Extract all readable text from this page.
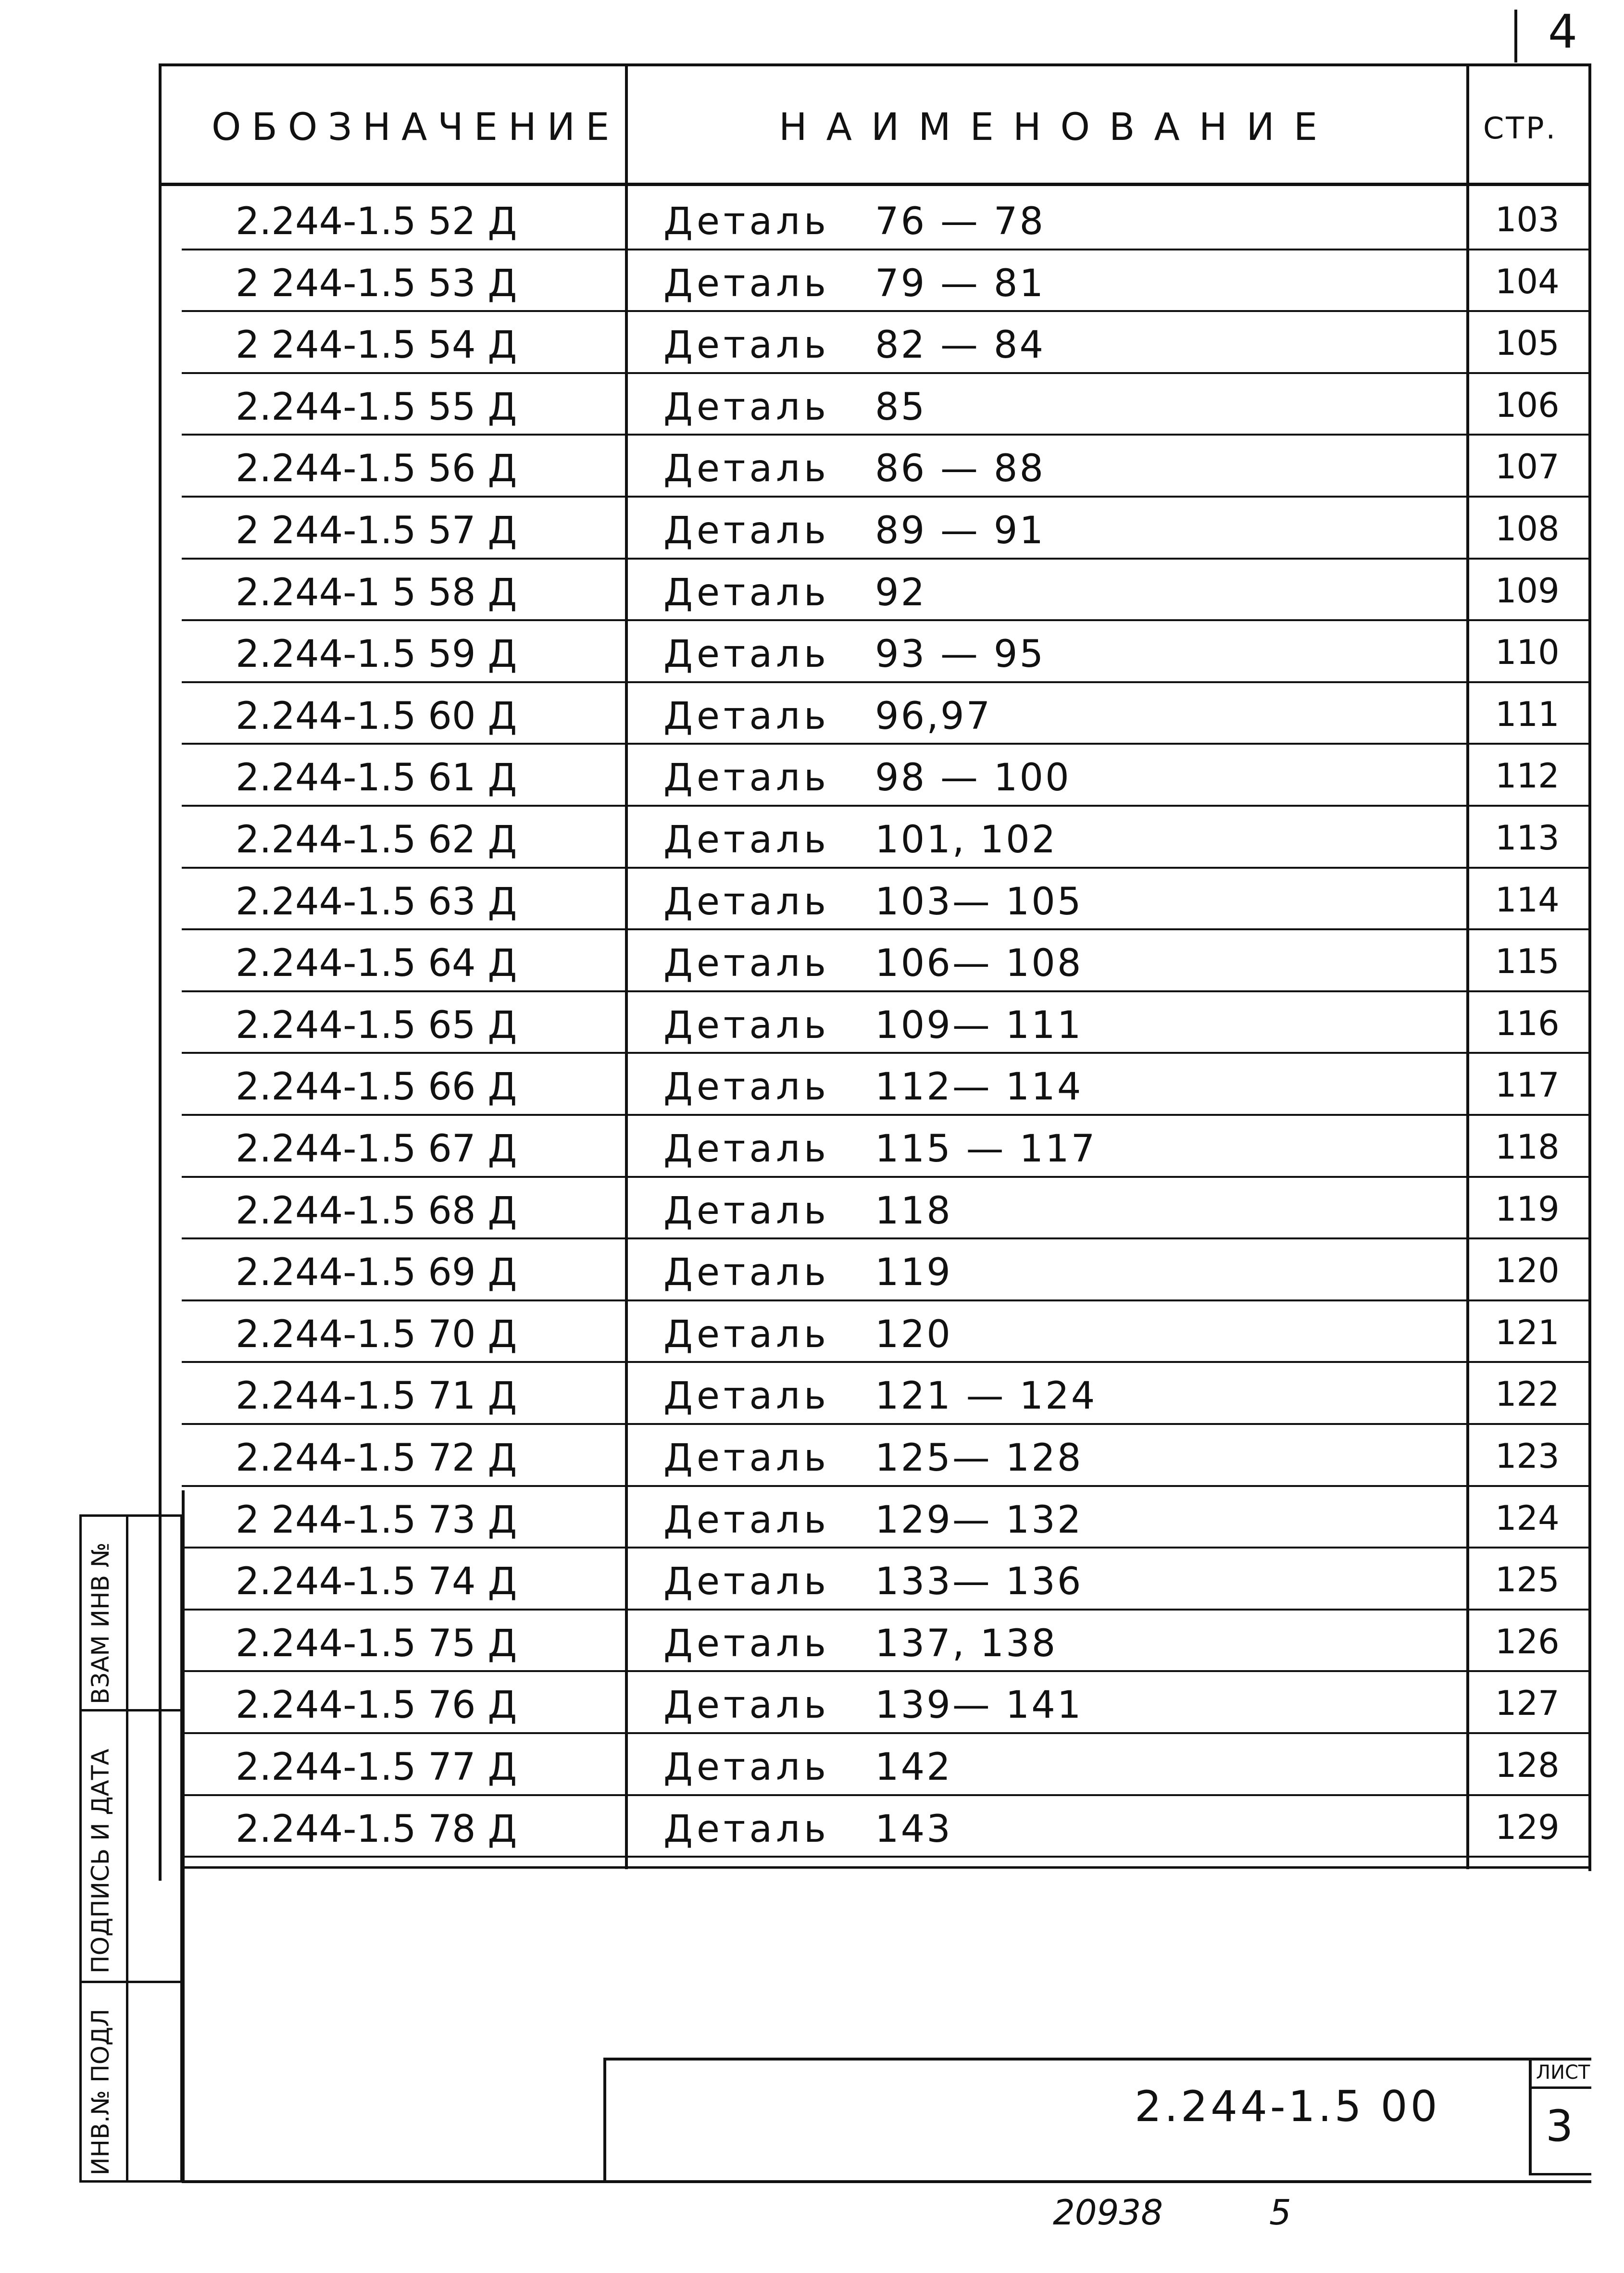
4
ОБОЗНАЧЕНИЕ	НАИМЕНОВАНИЕ	СТР.
2.244-1.5 52 Д	Деталь 76 — 78	103
2 244-1.5 53 Д	Деталь 79 — 81	104
2 244-1.5 54 Д	Деталь 82 — 84	105
2.244-1.5 55 Д	Деталь 85	106
2.244-1.5 56 Д	Деталь 86 — 88	107
2 244-1.5 57 Д	Деталь 89 — 91	108
2.244-1 5 58 Д	Деталь 92	109
2.244-1.5 59 Д	Деталь 93 — 95	110
2.244-1.5 60 Д	Деталь 96,97	111
2.244-1.5 61 Д	Деталь 98 — 100	112
2.244-1.5 62 Д	Деталь 101, 102	113
2.244-1.5 63 Д	Деталь 103— 105	114
2.244-1.5 64 Д	Деталь 106— 108	115
2.244-1.5 65 Д	Деталь 109— 111	116
2.244-1.5 66 Д	Деталь 112— 114	117
2.244-1.5 67 Д	Деталь 115 — 117	118
2.244-1.5 68 Д	Деталь 118	119
2.244-1.5 69 Д	Деталь 119	120
2.244-1.5 70 Д	Деталь 120	121
2.244-1.5 71 Д	Деталь 121 — 124	122
2.244-1.5 72 Д	Деталь 125— 128	123
2 244-1.5 73 Д	Деталь 129— 132	124
2.244-1.5 74 Д	Деталь 133— 136	125
2.244-1.5 75 Д	Деталь 137, 138	126
2.244-1.5 76 Д	Деталь 139— 141	127
2.244-1.5 77 Д	Деталь 142	128
2.244-1.5 78 Д	Деталь 143	129
ВЗАМ ИНВ №
ПОДПИСЬ И ДАТА
ИНВ.№ ПОДЛ	2.244-1.5 00
ЛИСТ
3
20938	5
